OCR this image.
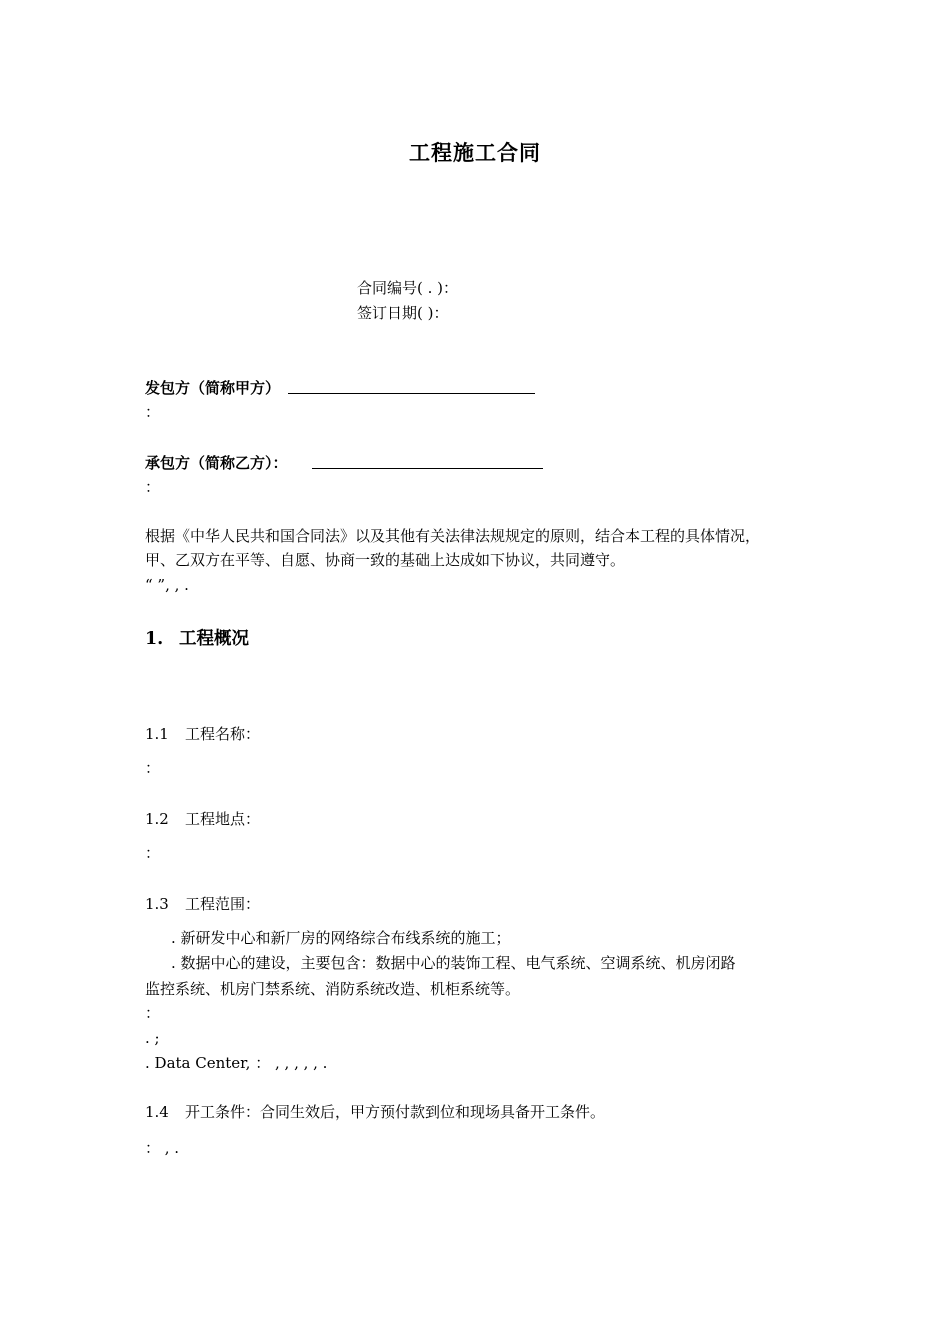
工程施工合同
合同编号( . )：
签订日期( )：
发包方（简称甲方）
：
承包方（简称乙方）：
：
根据《中华人民共和国合同法》以及其他有关法律法规规定的原则，结合本工程的具体情况，
甲、乙双方在平等、自愿、协商一致的基础上达成如下协议，共同遵守。
“ ”, , .
1. 工程概况
1.1 工程名称：
：
1.2 工程地点：
：
1.3 工程范围：
. 新研发中心和新厂房的网络综合布线系统的施工；
. 数据中心的建设，主要包含：数据中心的装饰工程、电气系统、空调系统、机房闭路
监控系统、机房门禁系统、消防系统改造、机柜系统等。
：
. ;
. Data Center, ： , , , , , .
1.4 开工条件：合同生效后，甲方预付款到位和现场具备开工条件。
： , .
